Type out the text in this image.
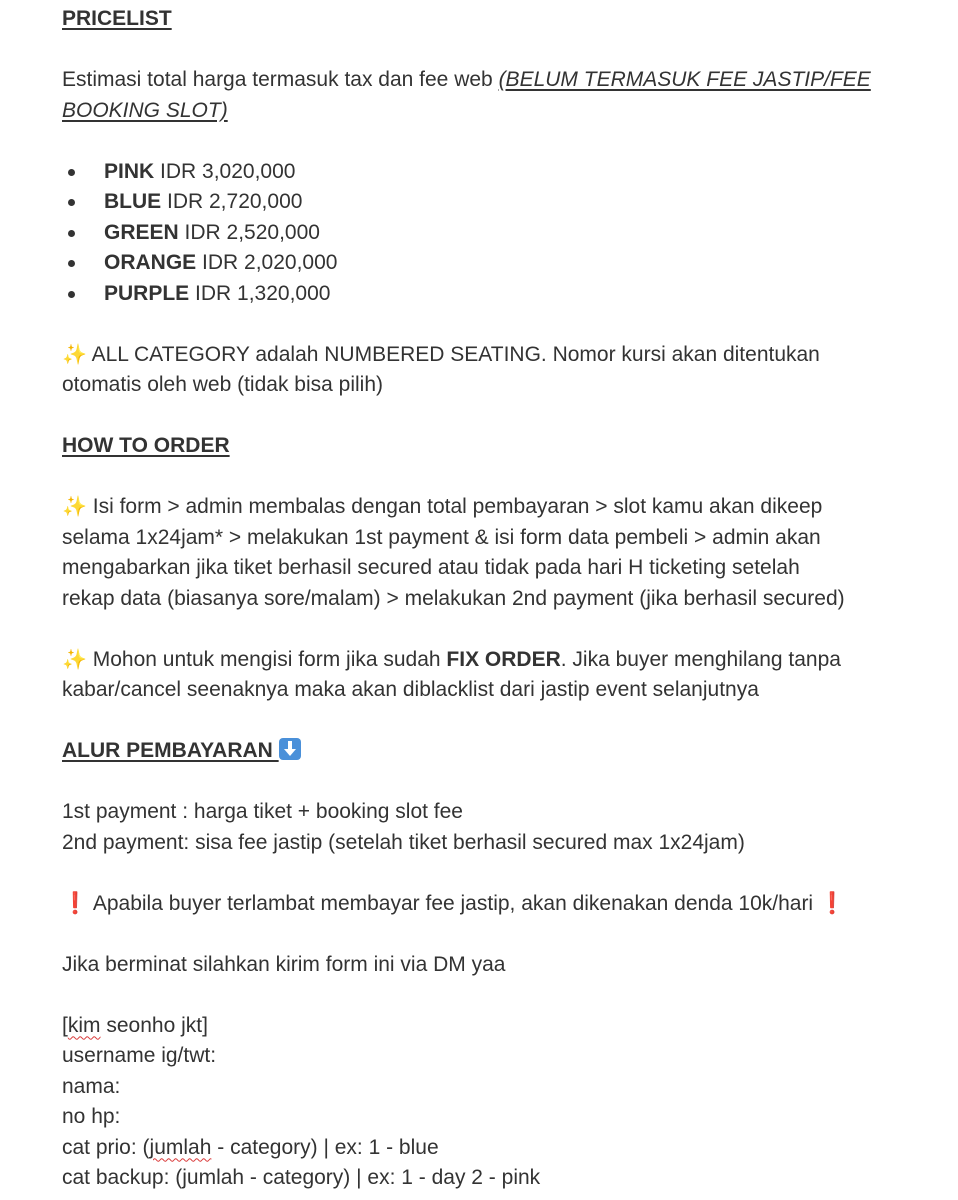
PRICELIST
Estimasi total harga termasuk tax dan fee web (BELUM TERMASUK FEE JASTIP/FEE
BOOKING SLOT)
PINK IDR 3,020,000
BLUE IDR 2,720,000
GREEN IDR 2,520,000
ORANGE IDR 2,020,000
PURPLE IDR 1,320,000
✨ ALL CATEGORY adalah NUMBERED SEATING. Nomor kursi akan ditentukan
otomatis oleh web (tidak bisa pilih)
HOW TO ORDER
✨ Isi form > admin membalas dengan total pembayaran > slot kamu akan dikeep
selama 1x24jam* > melakukan 1st payment & isi form data pembeli > admin akan
mengabarkan jika tiket berhasil secured atau tidak pada hari H ticketing setelah
rekap data (biasanya sore/malam) > melakukan 2nd payment (jika berhasil secured)
✨ Mohon untuk mengisi form jika sudah FIX ORDER. Jika buyer menghilang tanpa
kabar/cancel seenaknya maka akan diblacklist dari jastip event selanjutnya
ALUR PEMBAYARAN
1st payment : harga tiket + booking slot fee
2nd payment: sisa fee jastip (setelah tiket berhasil secured max 1x24jam)
❗ Apabila buyer terlambat membayar fee jastip, akan dikenakan denda 10k/hari ❗
Jika berminat silahkan kirim form ini via DM yaa
[kim seonho jkt]
username ig/twt:
nama:
no hp:
cat prio: (jumlah - category) | ex: 1 - blue
cat backup: (jumlah - category) | ex: 1 - day 2 - pink
